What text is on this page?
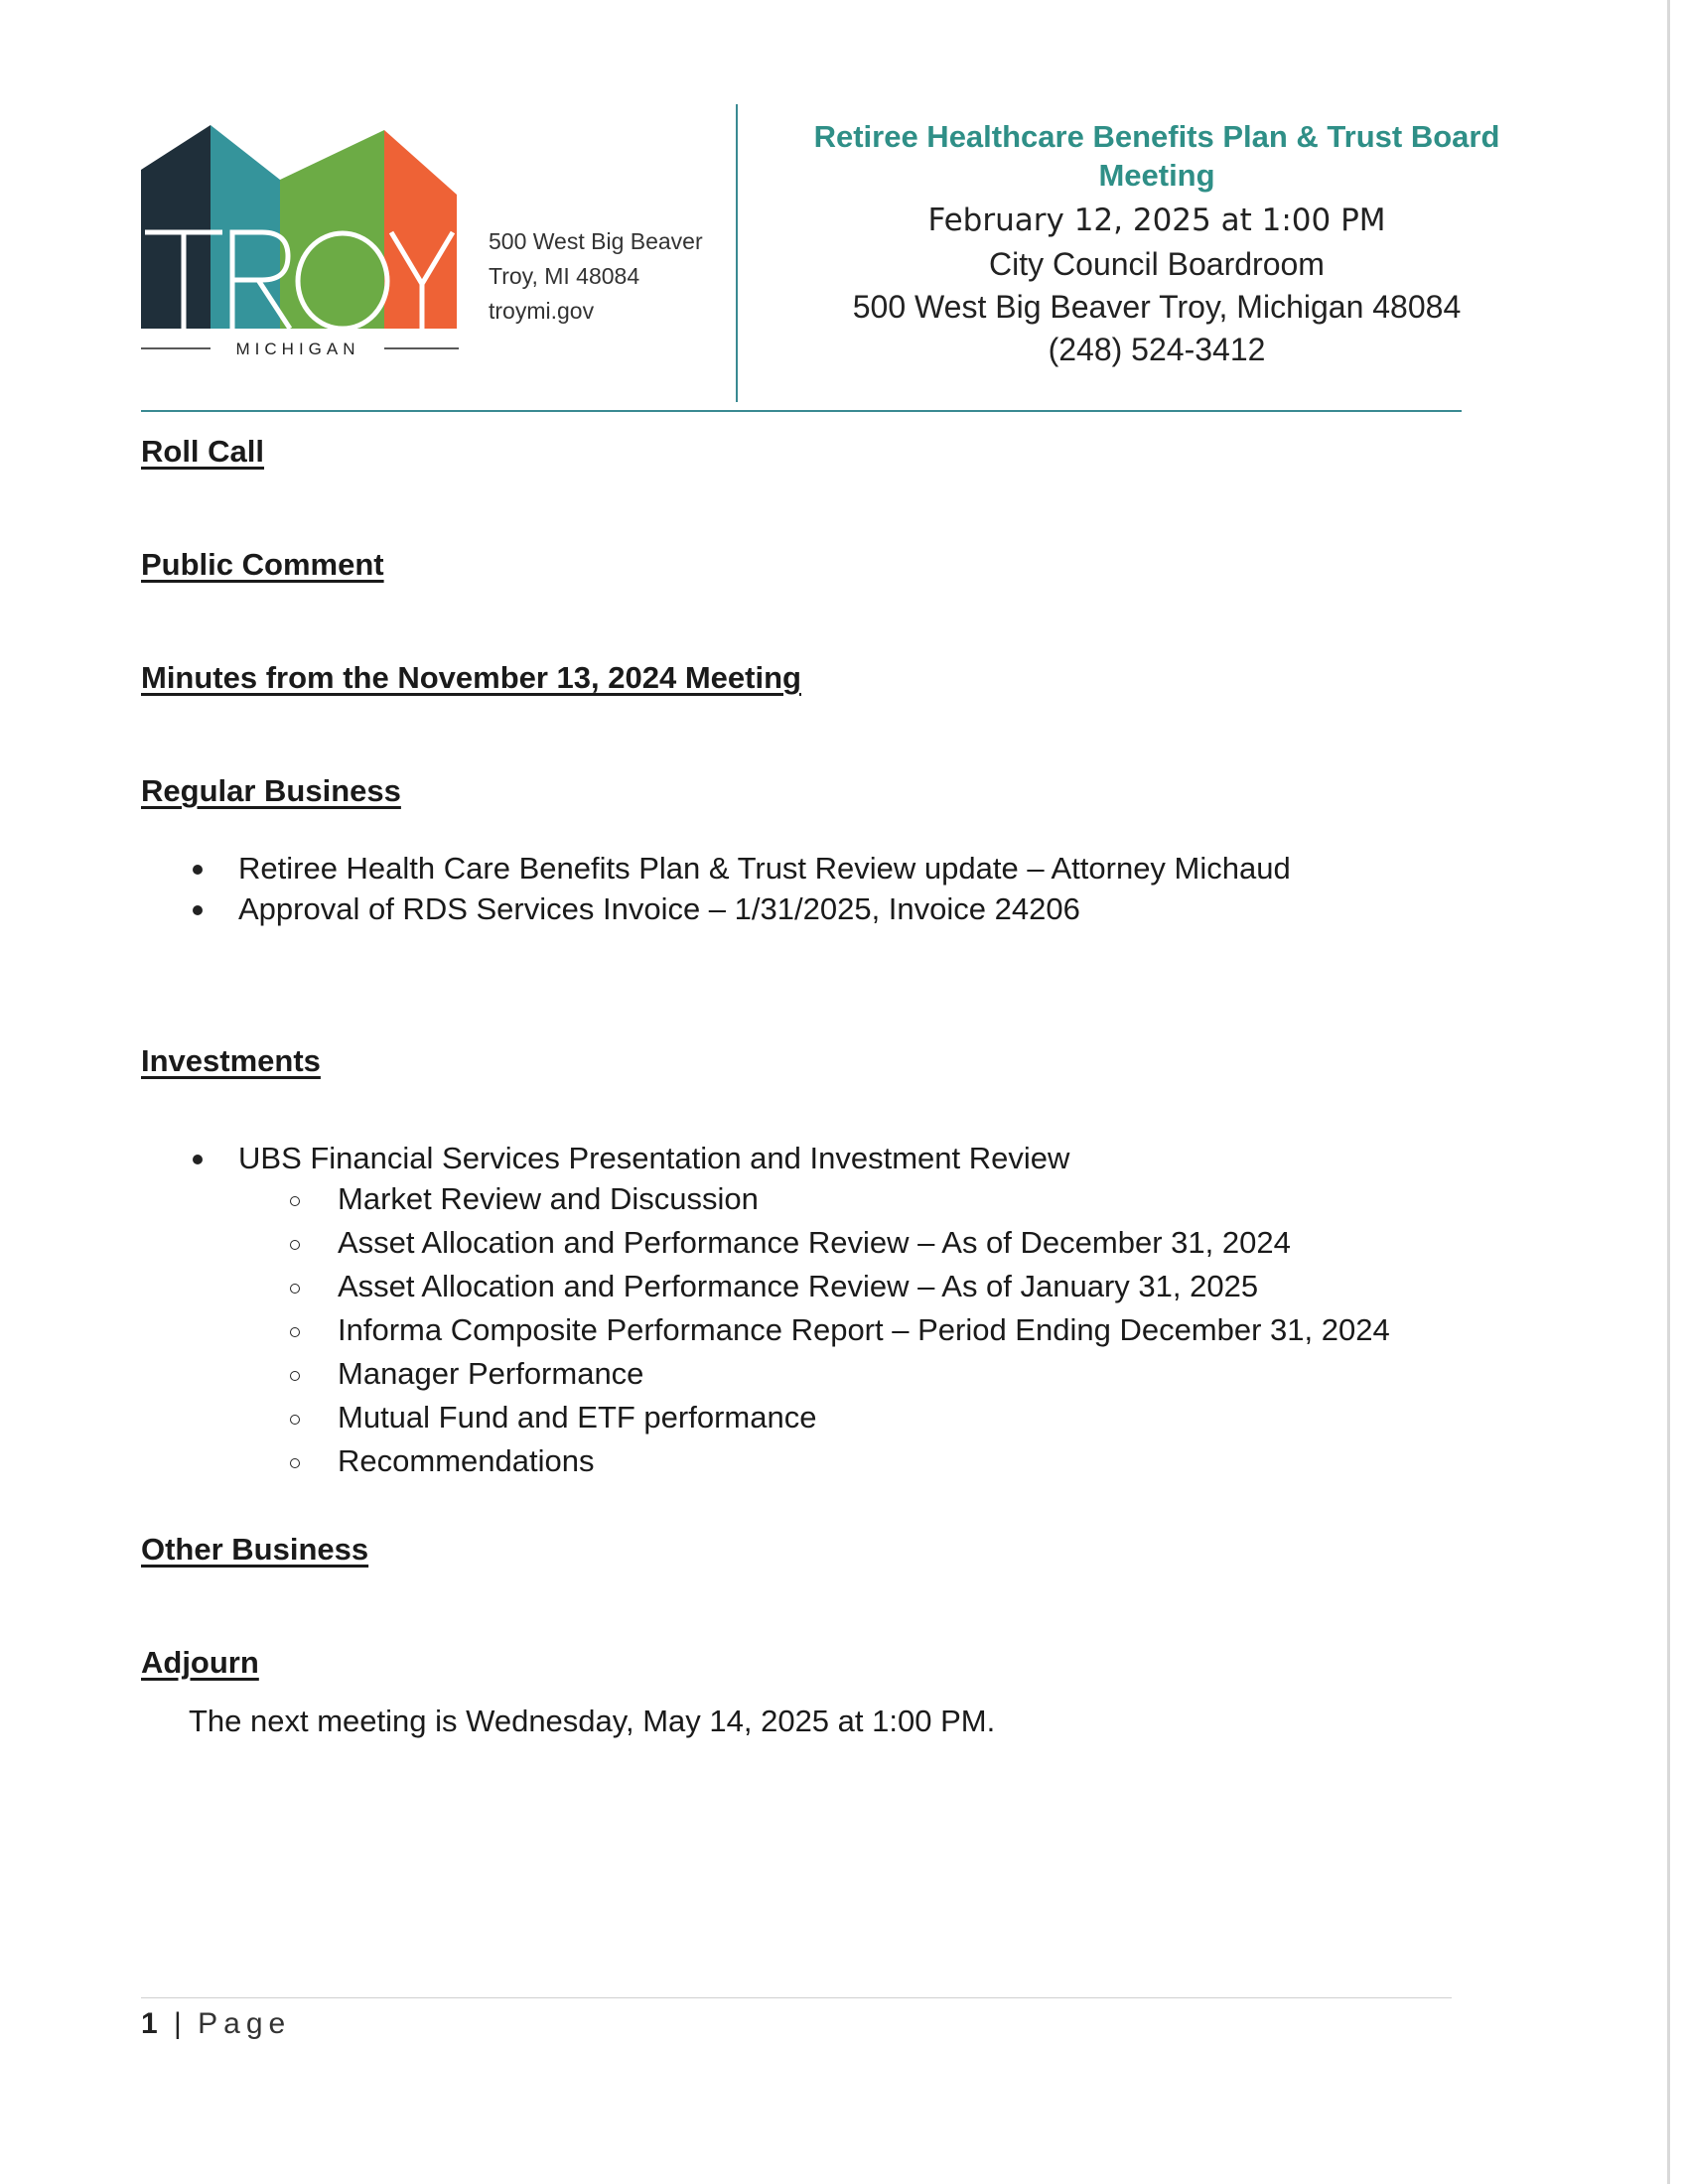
MICHIGAN
500 West Big Beaver
Troy, MI 48084
troymi.gov
Retiree Healthcare Benefits Plan & Trust Board Meeting
February 12, 2025 at 1:00 PM
City Council Boardroom
500 West Big Beaver Troy, Michigan 48084
(248) 524-3412
Roll Call
Public Comment
Minutes from the November 13, 2024 Meeting
Regular Business
Retiree Health Care Benefits Plan & Trust Review update – Attorney Michaud
Approval of RDS Services Invoice – 1/31/2025, Invoice 24206
Investments
UBS Financial Services Presentation and Investment Review
Market Review and Discussion
Asset Allocation and Performance Review – As of December 31, 2024
Asset Allocation and Performance Review – As of January 31, 2025
Informa Composite Performance Report – Period Ending December 31, 2024
Manager Performance
Mutual Fund and ETF performance
Recommendations
Other Business
Adjourn
The next meeting is Wednesday, May 14, 2025 at 1:00 PM.
1 | Page
